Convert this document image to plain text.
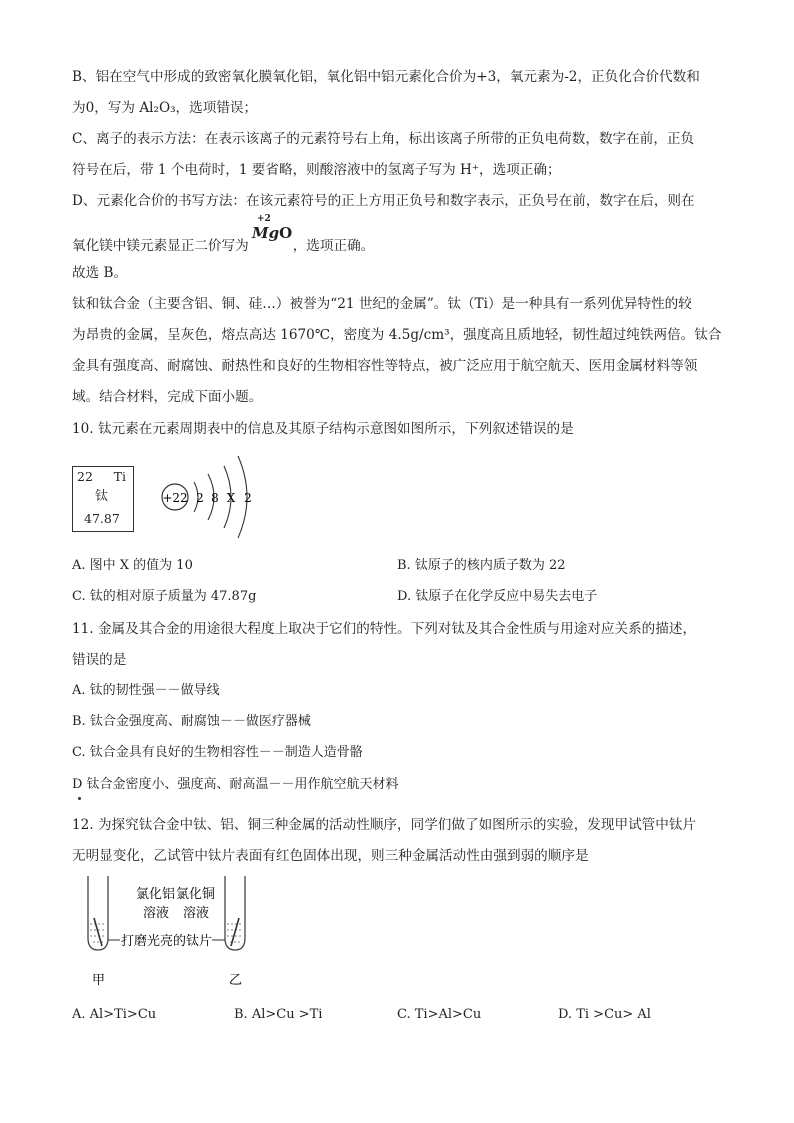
B、铝在空气中形成的致密氧化膜氧化铝，氧化铝中铝元素化合价为+3，氧元素为-2，正负化合价代数和
为0，写为 Al₂O₃，选项错误；
C、离子的表示方法：在表示该离子的元素符号右上角，标出该离子所带的正负电荷数，数字在前，正负
符号在后，带 1 个电荷时，1 要省略，则酸溶液中的氢离子写为 H⁺，选项正确；
D、元素化合价的书写方法：在该元素符号的正上方用正负号和数字表示，正负号在前，数字在后，则在
氧化镁中镁元素显正二价写为	，选项正确。
+2
MgO
故选 B。
钛和钛合金（主要含铝、铜、硅…）被誉为“21 世纪的金属”。钛（Ti）是一种具有一系列优异特性的较
为昂贵的金属，呈灰色，熔点高达 1670℃，密度为 4.5g/cm³，强度高且质地轻，韧性超过纯铁两倍。钛合
金具有强度高、耐腐蚀、耐热性和良好的生物相容性等特点，被广泛应用于航空航天、医用金属材料等领
域。结合材料，完成下面小题。
10. 钛元素在元素周期表中的信息及其原子结构示意图如图所示，下列叙述错误的是
22 Ti
钛
47.87
+22 2 8 X 2
A. 图中 X 的值为 10	B. 钛原子的核内质子数为 22
C. 钛的相对原子质量为 47.87g	D. 钛原子在化学反应中易失去电子
11. 金属及其合金的用途很大程度上取决于它们的特性。下列对钛及其合金性质与用途对应关系的描述，
错误的是
A. 钛的韧性强－－做导线
B. 钛合金强度高、耐腐蚀－－做医疗器械
C. 钛合金具有良好的生物相容性－－制造人造骨骼
D 钛合金密度小、强度高、耐高温－－用作航空航天材料
12. 为探究钛合金中钛、铝、铜三种金属的活动性顺序，同学们做了如图所示的实验，发现甲试管中钛片
无明显变化，乙试管中钛片表面有红色固体出现，则三种金属活动性由强到弱的顺序是
氯化铝
溶液
氯化铜
溶液
打磨光亮的钛片
甲	乙
A. Al>Ti>Cu	B. Al>Cu >Ti	C. Ti>Al>Cu	D. Ti >Cu> Al
